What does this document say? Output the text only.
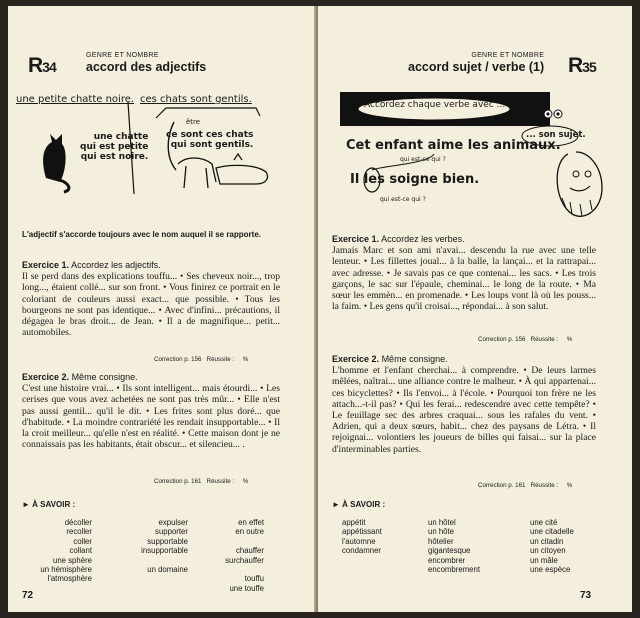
R34
GENRE ET NOMBRE
accord des adjectifs
une petite chatte noire. ces chats sont gentils.
une chatte
qui est petite
qui est noire.
être
ce sont ces chats
qui sont gentils.
L'adjectif s'accorde toujours avec le nom auquel il se rapporte.
Exercice 1. Accordez les adjectifs.
Il se perd dans des explications touffu... • Ses cheveux noir..., trop long..., étaient collé... sur son front. • Vous finirez ce portrait en le coloriant de couleurs aussi exact... que possible. • Tous les bourgeons ne sont pas identique... • Avec d'infini... précautions, il dégagea le bras droit... de Jean. • Il a de magnifique... petit... automobiles.
Correction p. 156 Réussite : %
Exercice 2. Même consigne.
C'est une histoire vrai... • Ils sont intelligent... mais étourdi... • Les cerises que vous avez achetées ne sont pas très mûr... • Elle n'est pas aussi gentil... qu'il le dit. • Les frites sont plus doré... que d'habitude. • La moindre contrariété les rendait insupportable... • Il la croit meilleur... qu'elle n'est en réalité. • Cette maison dont je ne connaissais pas les habitants, était obscur... et silencieu... .
Correction p. 161 Réussite : %
► À SAVOIR :
décoller
recoller
coller
collant
une sphère
un hémisphère
l'atmosphère
expulser
supporter
supportable
insupportable

un domaine
en effet
en outre

chauffer
surchauffer

touffu
une touffe
72
GENRE ET NOMBRE
accord sujet / verbe (1) R35
Accordez chaque verbe avec ...
... son sujet.
Cet enfant aime les animaux.
qui est-ce qui ?
Il les soigne bien.
qui est-ce qui ?
Exercice 1. Accordez les verbes.
Jamais Marc et son ami n'avai... descendu la rue avec une telle lenteur. • Les fillettes joual... à la balle, la lançai... et la rattrapai... avec adresse. • Je savais pas ce que contenai... les sacs. • Les trois garçons, le sac sur l'épaule, cheminai... le long de la route. • Ma sœur les emmèn... en promenade. • Les loups vont là où les pouss... la faim. • Les gens qu'il croisai..., répondai... à son salut.
Correction p. 156 Réussite : %
Exercice 2. Même consigne.
L'homme et l'enfant cherchai... à comprendre. • De leurs larmes mêlées, naîtrai... une alliance contre le malheur. • À qui appartenai... ces bicyclettes? • Ils l'envoi... à l'école. • Pourquoi ton frère ne les attach...-t-il pas? • Qui les ferai... redescendre avec cette tempête? • Le feuillage sec des arbres craquai... sous les rafales du vent. • Adrien, qui a deux sœurs, habit... chez des paysans de Létra. • Il rejoignai... volontiers les joueurs de billes qui faisai... sur la place d'interminables parties.
Correction p. 161 Réussite : %
► À SAVOIR :
appétit
appétissant
l'automne
condamner
un hôtel
un hôte
hôtelier
gigantesque
encombrer
encombrement
une cité
une citadelle
un citadin
un citoyen
un mâle
une espèce
73
